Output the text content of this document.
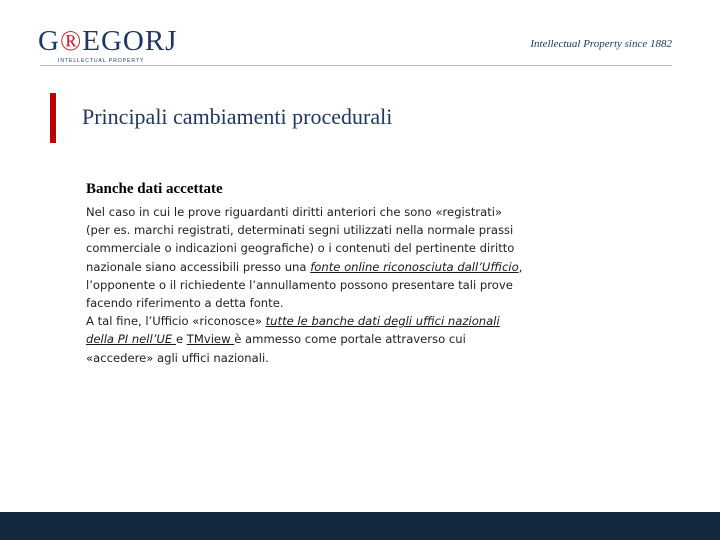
G®EGORJ
INTELLECTUAL PROPERTY
Intellectual Property since 1882
Principali cambiamenti procedurali
Banche dati accettate

Nel caso in cui le prove riguardanti diritti anteriori che sono «registrati» (per es. marchi registrati, determinati segni utilizzati nella normale prassi commerciale o indicazioni geografiche) o i contenuti del pertinente diritto nazionale siano accessibili presso una fonte online riconosciuta dall’Ufficio, l’opponente o il richiedente l’annullamento possono presentare tali prove facendo riferimento a detta fonte.
A tal fine, l’Ufficio «riconosce» tutte le banche dati degli uffici nazionali della PI nell’UE e TMview è ammesso come portale attraverso cui «accedere» agli uffici nazionali.
